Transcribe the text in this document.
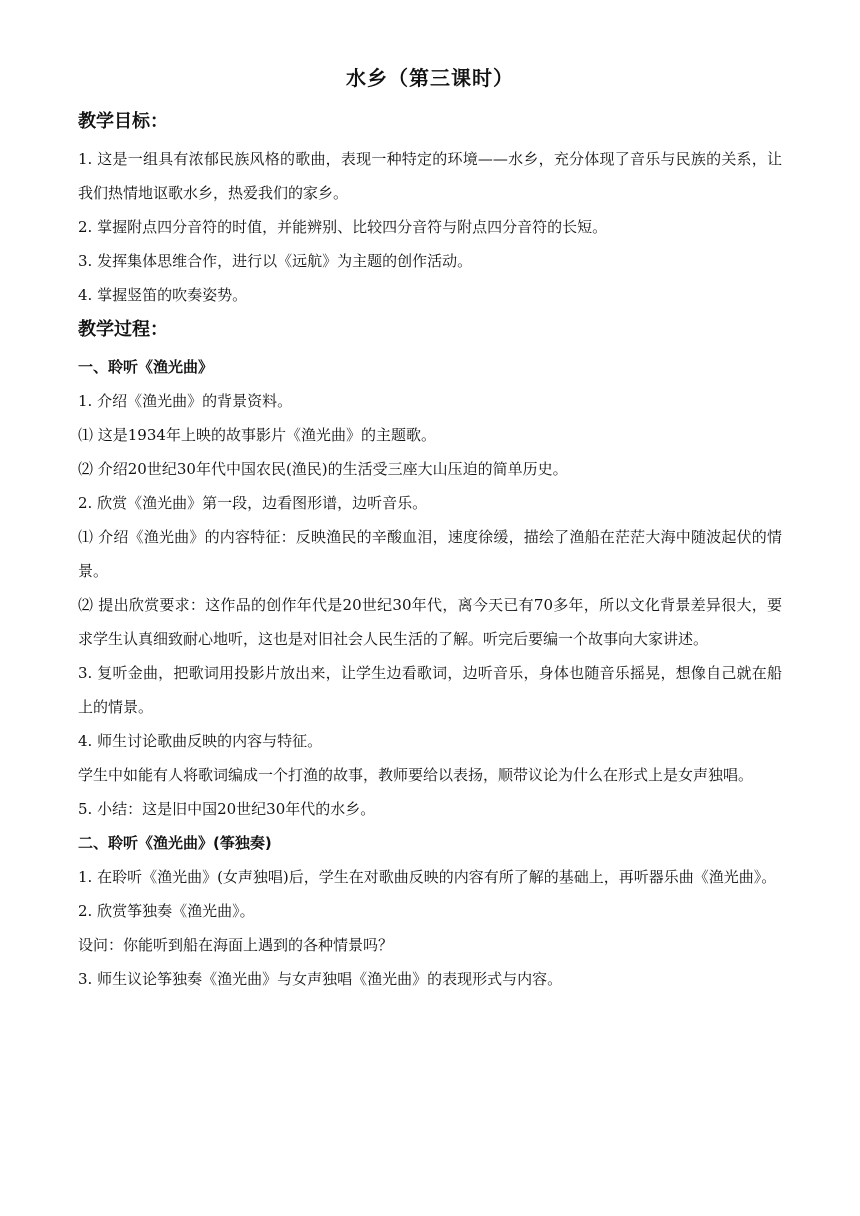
水乡（第三课时）
教学目标：
1. 这是一组具有浓郁民族风格的歌曲，表现一种特定的环境——水乡，充分体现了音乐与民族的关系，让我们热情地讴歌水乡，热爱我们的家乡。
2. 掌握附点四分音符的时值，并能辨别、比较四分音符与附点四分音符的长短。
3. 发挥集体思维合作，进行以《远航》为主题的创作活动。
4. 掌握竖笛的吹奏姿势。
教学过程：
一、聆听《渔光曲》
1. 介绍《渔光曲》的背景资料。
⑴ 这是1934年上映的故事影片《渔光曲》的主题歌。
⑵ 介绍20世纪30年代中国农民(渔民)的生活受三座大山压迫的简单历史。
2. 欣赏《渔光曲》第一段，边看图形谱，边听音乐。
⑴ 介绍《渔光曲》的内容特征：反映渔民的辛酸血泪，速度徐缓，描绘了渔船在茫茫大海中随波起伏的情景。
⑵ 提出欣赏要求：这作品的创作年代是20世纪30年代，离今天已有70多年，所以文化背景差异很大，要求学生认真细致耐心地听，这也是对旧社会人民生活的了解。听完后要编一个故事向大家讲述。
3. 复听金曲，把歌词用投影片放出来，让学生边看歌词，边听音乐，身体也随音乐摇晃，想像自己就在船上的情景。
4. 师生讨论歌曲反映的内容与特征。
学生中如能有人将歌词编成一个打渔的故事，教师要给以表扬，顺带议论为什么在形式上是女声独唱。
5. 小结：这是旧中国20世纪30年代的水乡。
二、聆听《渔光曲》(筝独奏)
1. 在聆听《渔光曲》(女声独唱)后，学生在对歌曲反映的内容有所了解的基础上，再听器乐曲《渔光曲》。
2. 欣赏筝独奏《渔光曲》。
设问：你能听到船在海面上遇到的各种情景吗？
3. 师生议论筝独奏《渔光曲》与女声独唱《渔光曲》的表现形式与内容。
